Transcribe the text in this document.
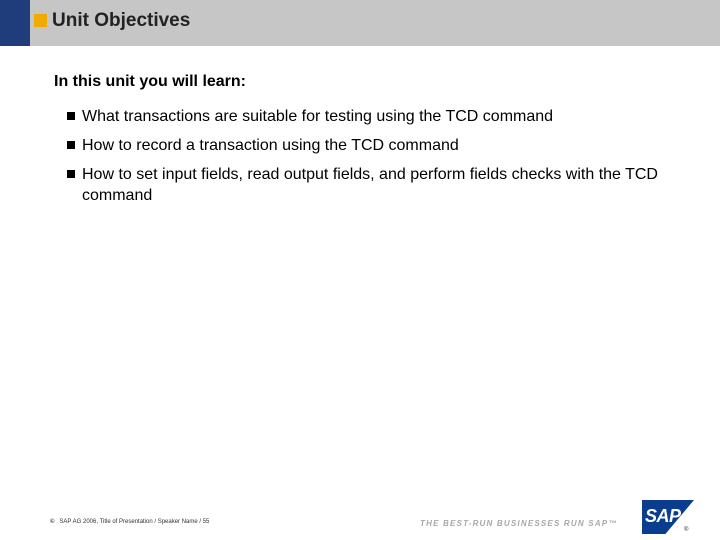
Unit Objectives
In this unit you will learn:
What transactions are suitable for testing using the TCD command
How to record a transaction using the TCD command
How to set input fields, read output fields, and perform fields checks with the TCD command
© SAP AG 2006, Title of Presentation / Speaker Name / 55	THE BEST-RUN BUSINESSES RUN SAP™ SAP
®
